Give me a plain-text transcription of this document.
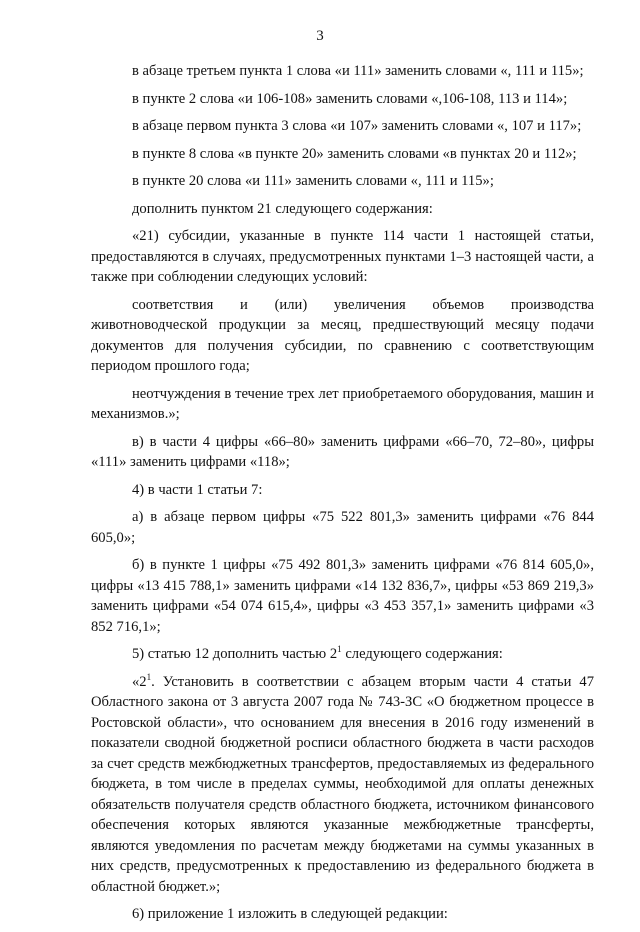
3

в абзаце третьем пункта 1 слова «и 111» заменить словами «, 111 и 115»;

в пункте 2 слова «и 106-108» заменить словами «,106-108, 113 и 114»;

в абзаце первом пункта 3 слова «и 107» заменить словами «, 107 и 117»;

в пункте 8 слова «в пункте 20» заменить словами «в пунктах 20 и 112»;

в пункте 20 слова «и 111» заменить словами «, 111 и 115»;

дополнить пунктом 21 следующего содержания:

«21) субсидии, указанные в пункте 114 части 1 настоящей статьи, предоставляются в случаях, предусмотренных пунктами 1–3 настоящей части, а также при соблюдении следующих условий:

соответствия и (или) увеличения объемов производства животноводческой продукции за месяц, предшествующий месяцу подачи документов для получения субсидии, по сравнению с соответствующим периодом прошлого года;

неотчуждения в течение трех лет приобретаемого оборудования, машин и механизмов.»;

в) в части 4 цифры «66–80» заменить цифрами «66–70, 72–80», цифры «111» заменить цифрами «118»;

4) в части 1 статьи 7:

а) в абзаце первом цифры «75 522 801,3» заменить цифрами «76 844 605,0»;

б) в пункте 1 цифры «75 492 801,3» заменить цифрами «76 814 605,0», цифры «13 415 788,1» заменить цифрами «14 132 836,7», цифры «53 869 219,3» заменить цифрами «54 074 615,4», цифры «3 453 357,1» заменить цифрами «3 852 716,1»;

5) статью 12 дополнить частью $2^1$ следующего содержания:

«$2^1$. Установить в соответствии с абзацем вторым части 4 статьи 47 Областного закона от 3 августа 2007 года № 743-ЗС «О бюджетном процессе в Ростовской области», что основанием для внесения в 2016 году изменений в показатели сводной бюджетной росписи областного бюджета в части расходов за счет средств межбюджетных трансфертов, предоставляемых из федерального бюджета, в том числе в пределах суммы, необходимой для оплаты денежных обязательств получателя средств областного бюджета, источником финансового обеспечения которых являются указанные межбюджетные трансферты, являются уведомления по расчетам между бюджетами на суммы указанных в них средств, предусмотренных к предоставлению из федерального бюджета в областной бюджет.»;

6) приложение 1 изложить в следующей редакции:
